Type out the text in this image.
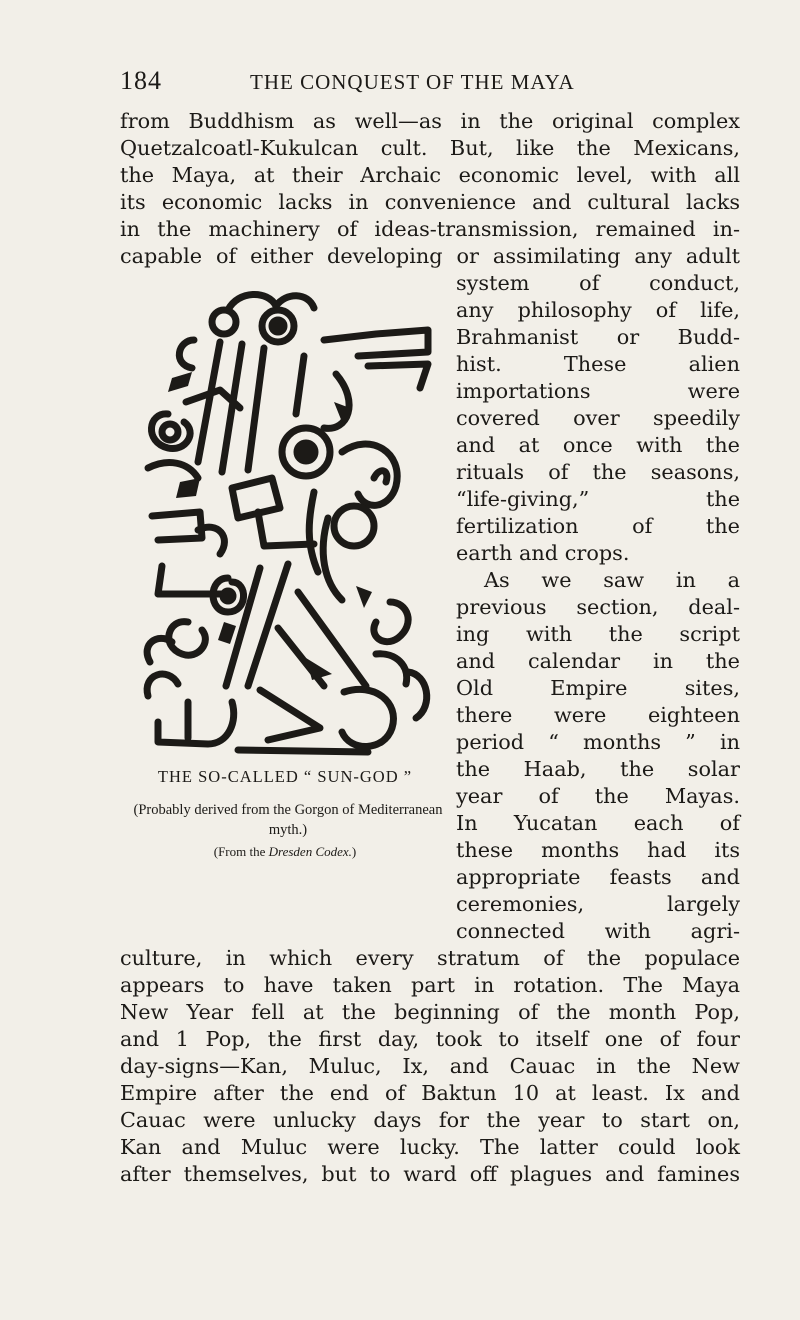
184	THE CONQUEST OF THE MAYA
from Buddhism as well—as in the original complex
Quetzalcoatl-Kukulcan cult. But, like the Mexicans,
the Maya, at their Archaic economic level, with all
its economic lacks in convenience and cultural lacks
in the machinery of ideas-transmission, remained in-
capable of either developing or assimilating any adult
system of conduct,
any philosophy of life,
Brahmanist or Budd-
hist. These alien
importations were
covered over speedily
and at once with the
rituals of the seasons,
“life-giving,” the
fertilization of the
earth and crops.
As we saw in a
previous section, deal-
ing with the script
and calendar in the
Old Empire sites,
there were eighteen
period “ months ” in
the Haab, the solar
year of the Mayas.
In Yucatan each of
these months had its
appropriate feasts and
ceremonies, largely
connected with agri-
culture, in which every stratum of the populace
appears to have taken part in rotation. The Maya
New Year fell at the beginning of the month Pop,
and 1 Pop, the first day, took to itself one of four
day-signs—Kan, Muluc, Ix, and Cauac in the New
Empire after the end of Baktun 10 at least. Ix and
Cauac were unlucky days for the year to start on,
Kan and Muluc were lucky. The latter could look
after themselves, but to ward off plagues and famines
THE SO-CALLED “ SUN-GOD ”
(Probably derived from the Gorgon of Mediterranean myth.)
(From the Dresden Codex.)
